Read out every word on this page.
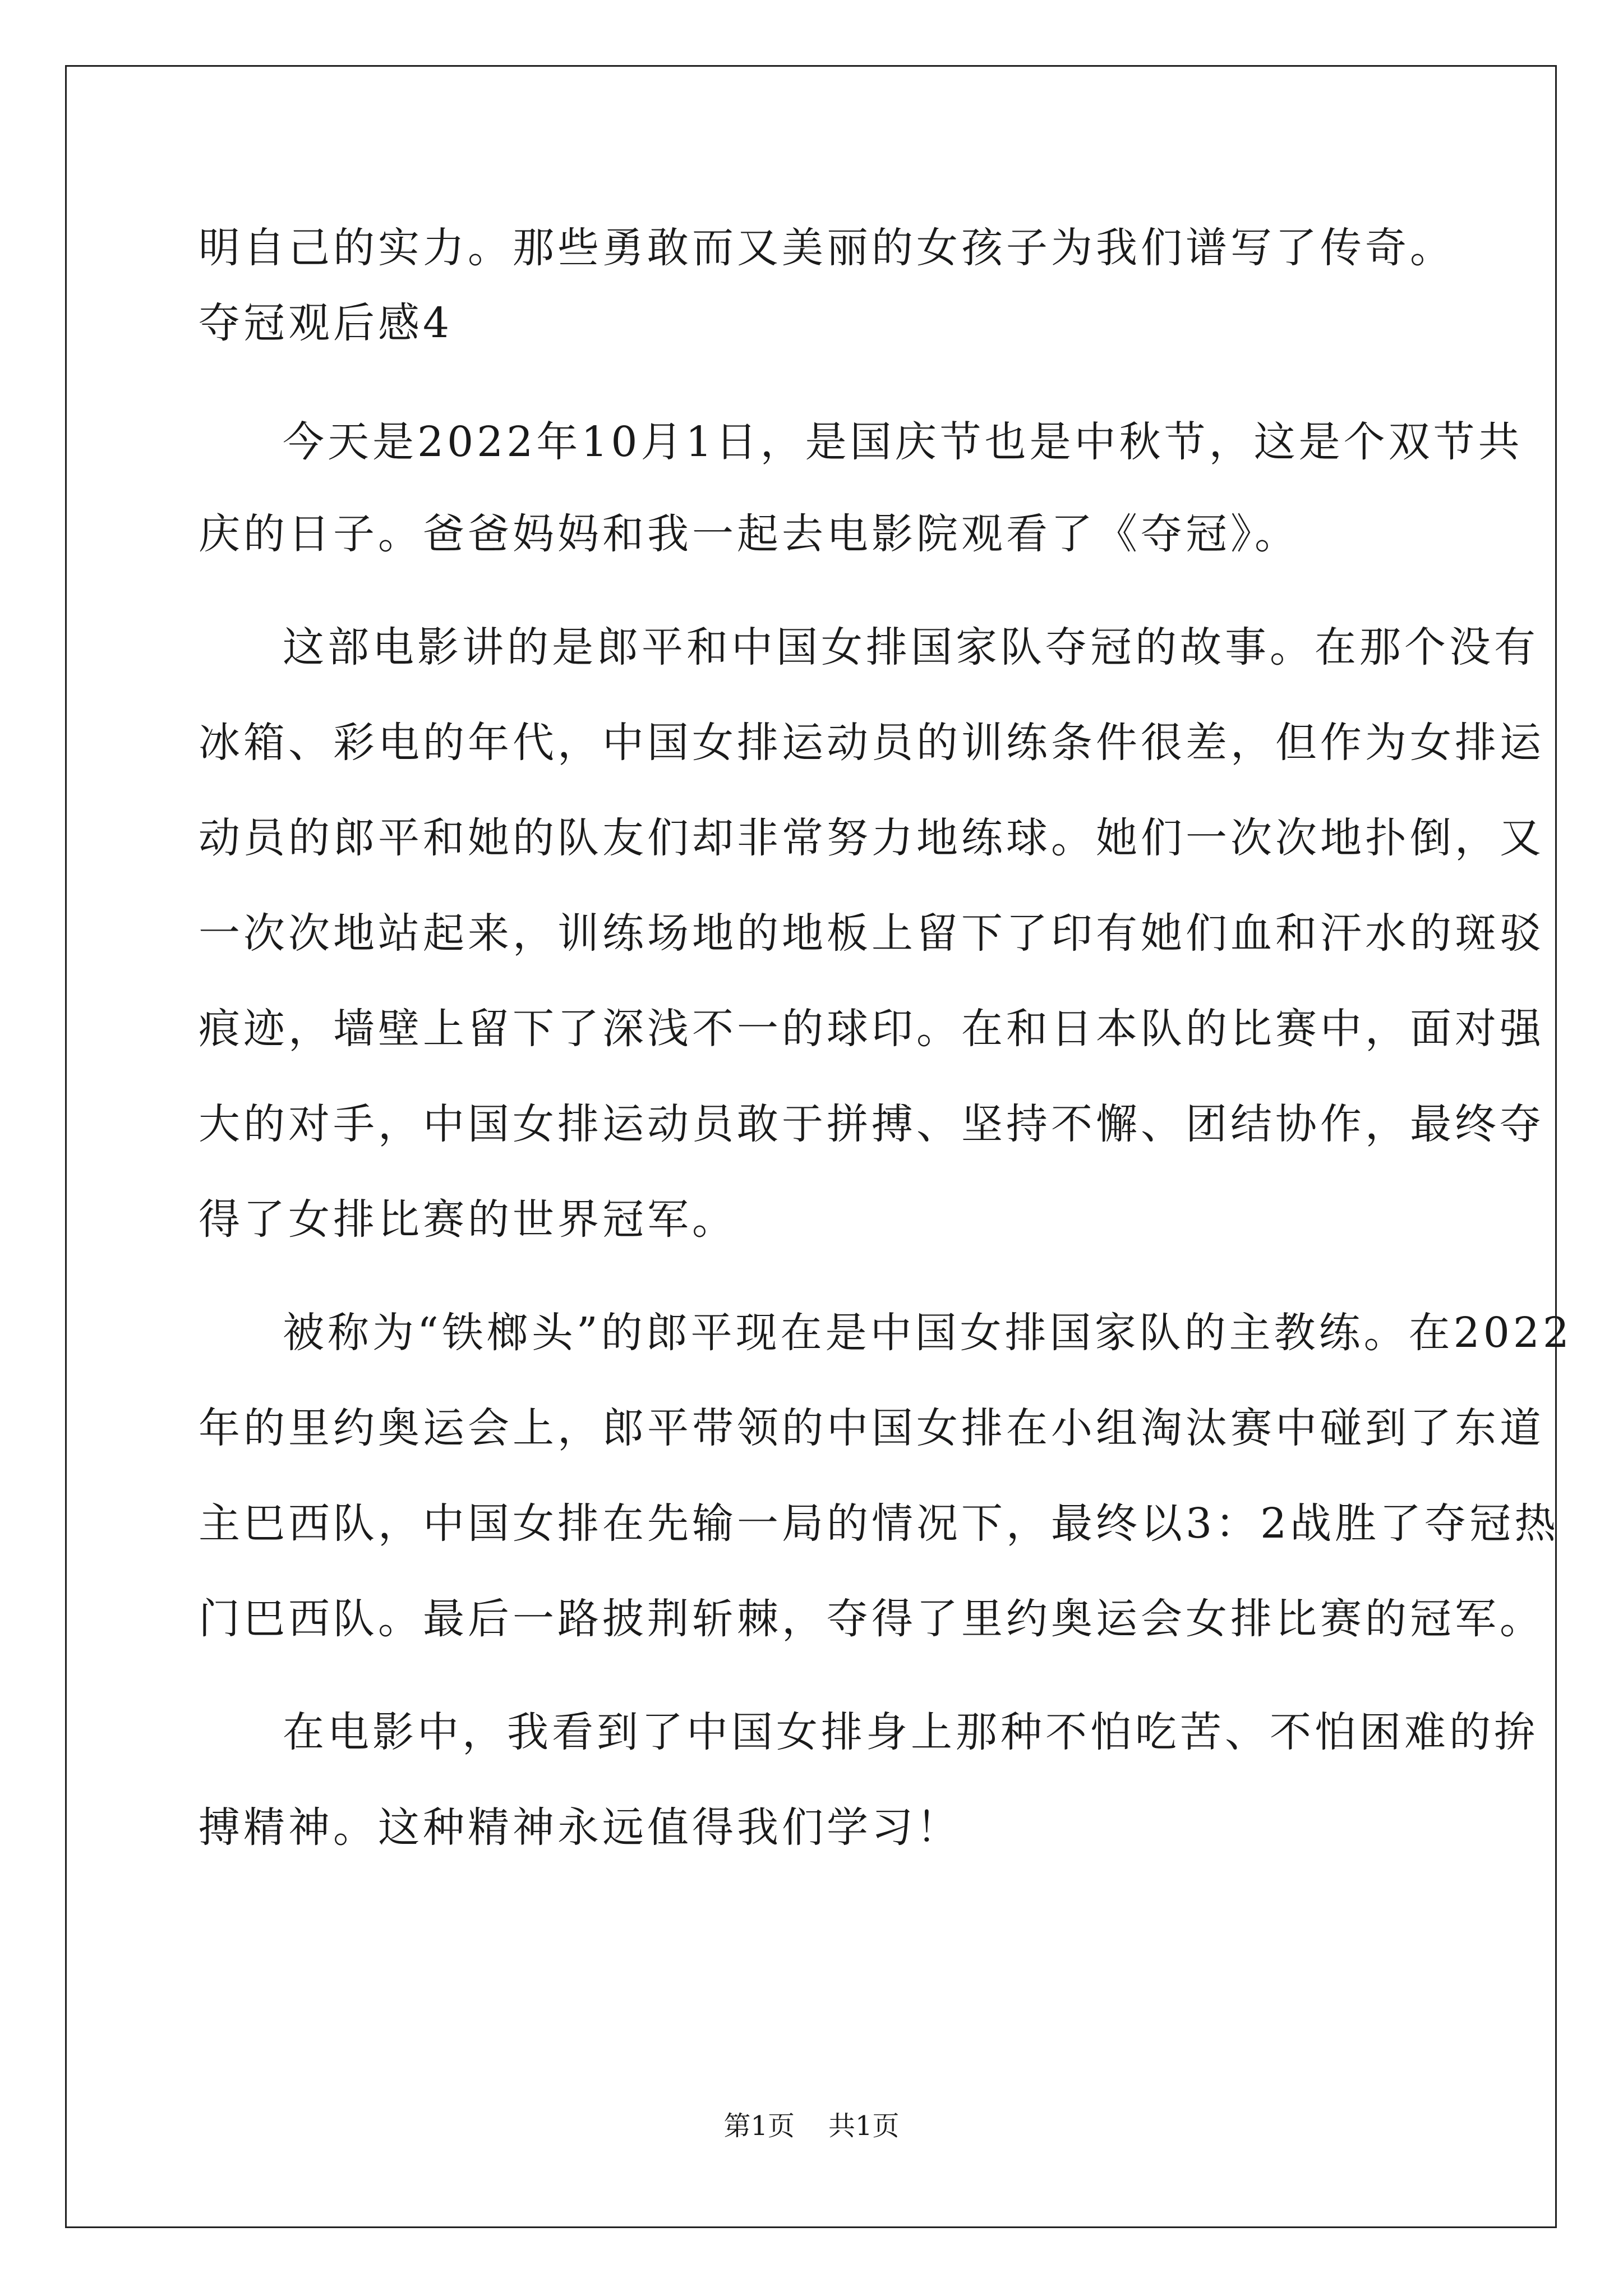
明自己的实力。那些勇敢而又美丽的女孩子为我们谱写了传奇。
夺冠观后感4
今天是2022年10月1日，是国庆节也是中秋节，这是个双节共
庆的日子。爸爸妈妈和我一起去电影院观看了《夺冠》。
这部电影讲的是郎平和中国女排国家队夺冠的故事。在那个没有
冰箱、彩电的年代，中国女排运动员的训练条件很差，但作为女排运
动员的郎平和她的队友们却非常努力地练球。她们一次次地扑倒，又
一次次地站起来，训练场地的地板上留下了印有她们血和汗水的斑驳
痕迹，墙壁上留下了深浅不一的球印。在和日本队的比赛中，面对强
大的对手，中国女排运动员敢于拼搏、坚持不懈、团结协作，最终夺
得了女排比赛的世界冠军。
被称为“铁榔头”的郎平现在是中国女排国家队的主教练。在2022
年的里约奥运会上，郎平带领的中国女排在小组淘汰赛中碰到了东道
主巴西队，中国女排在先输一局的情况下，最终以3：2战胜了夺冠热
门巴西队。最后一路披荆斩棘，夺得了里约奥运会女排比赛的冠军。
在电影中，我看到了中国女排身上那种不怕吃苦、不怕困难的拚
搏精神。这种精神永远值得我们学习！
第1页 共1页
